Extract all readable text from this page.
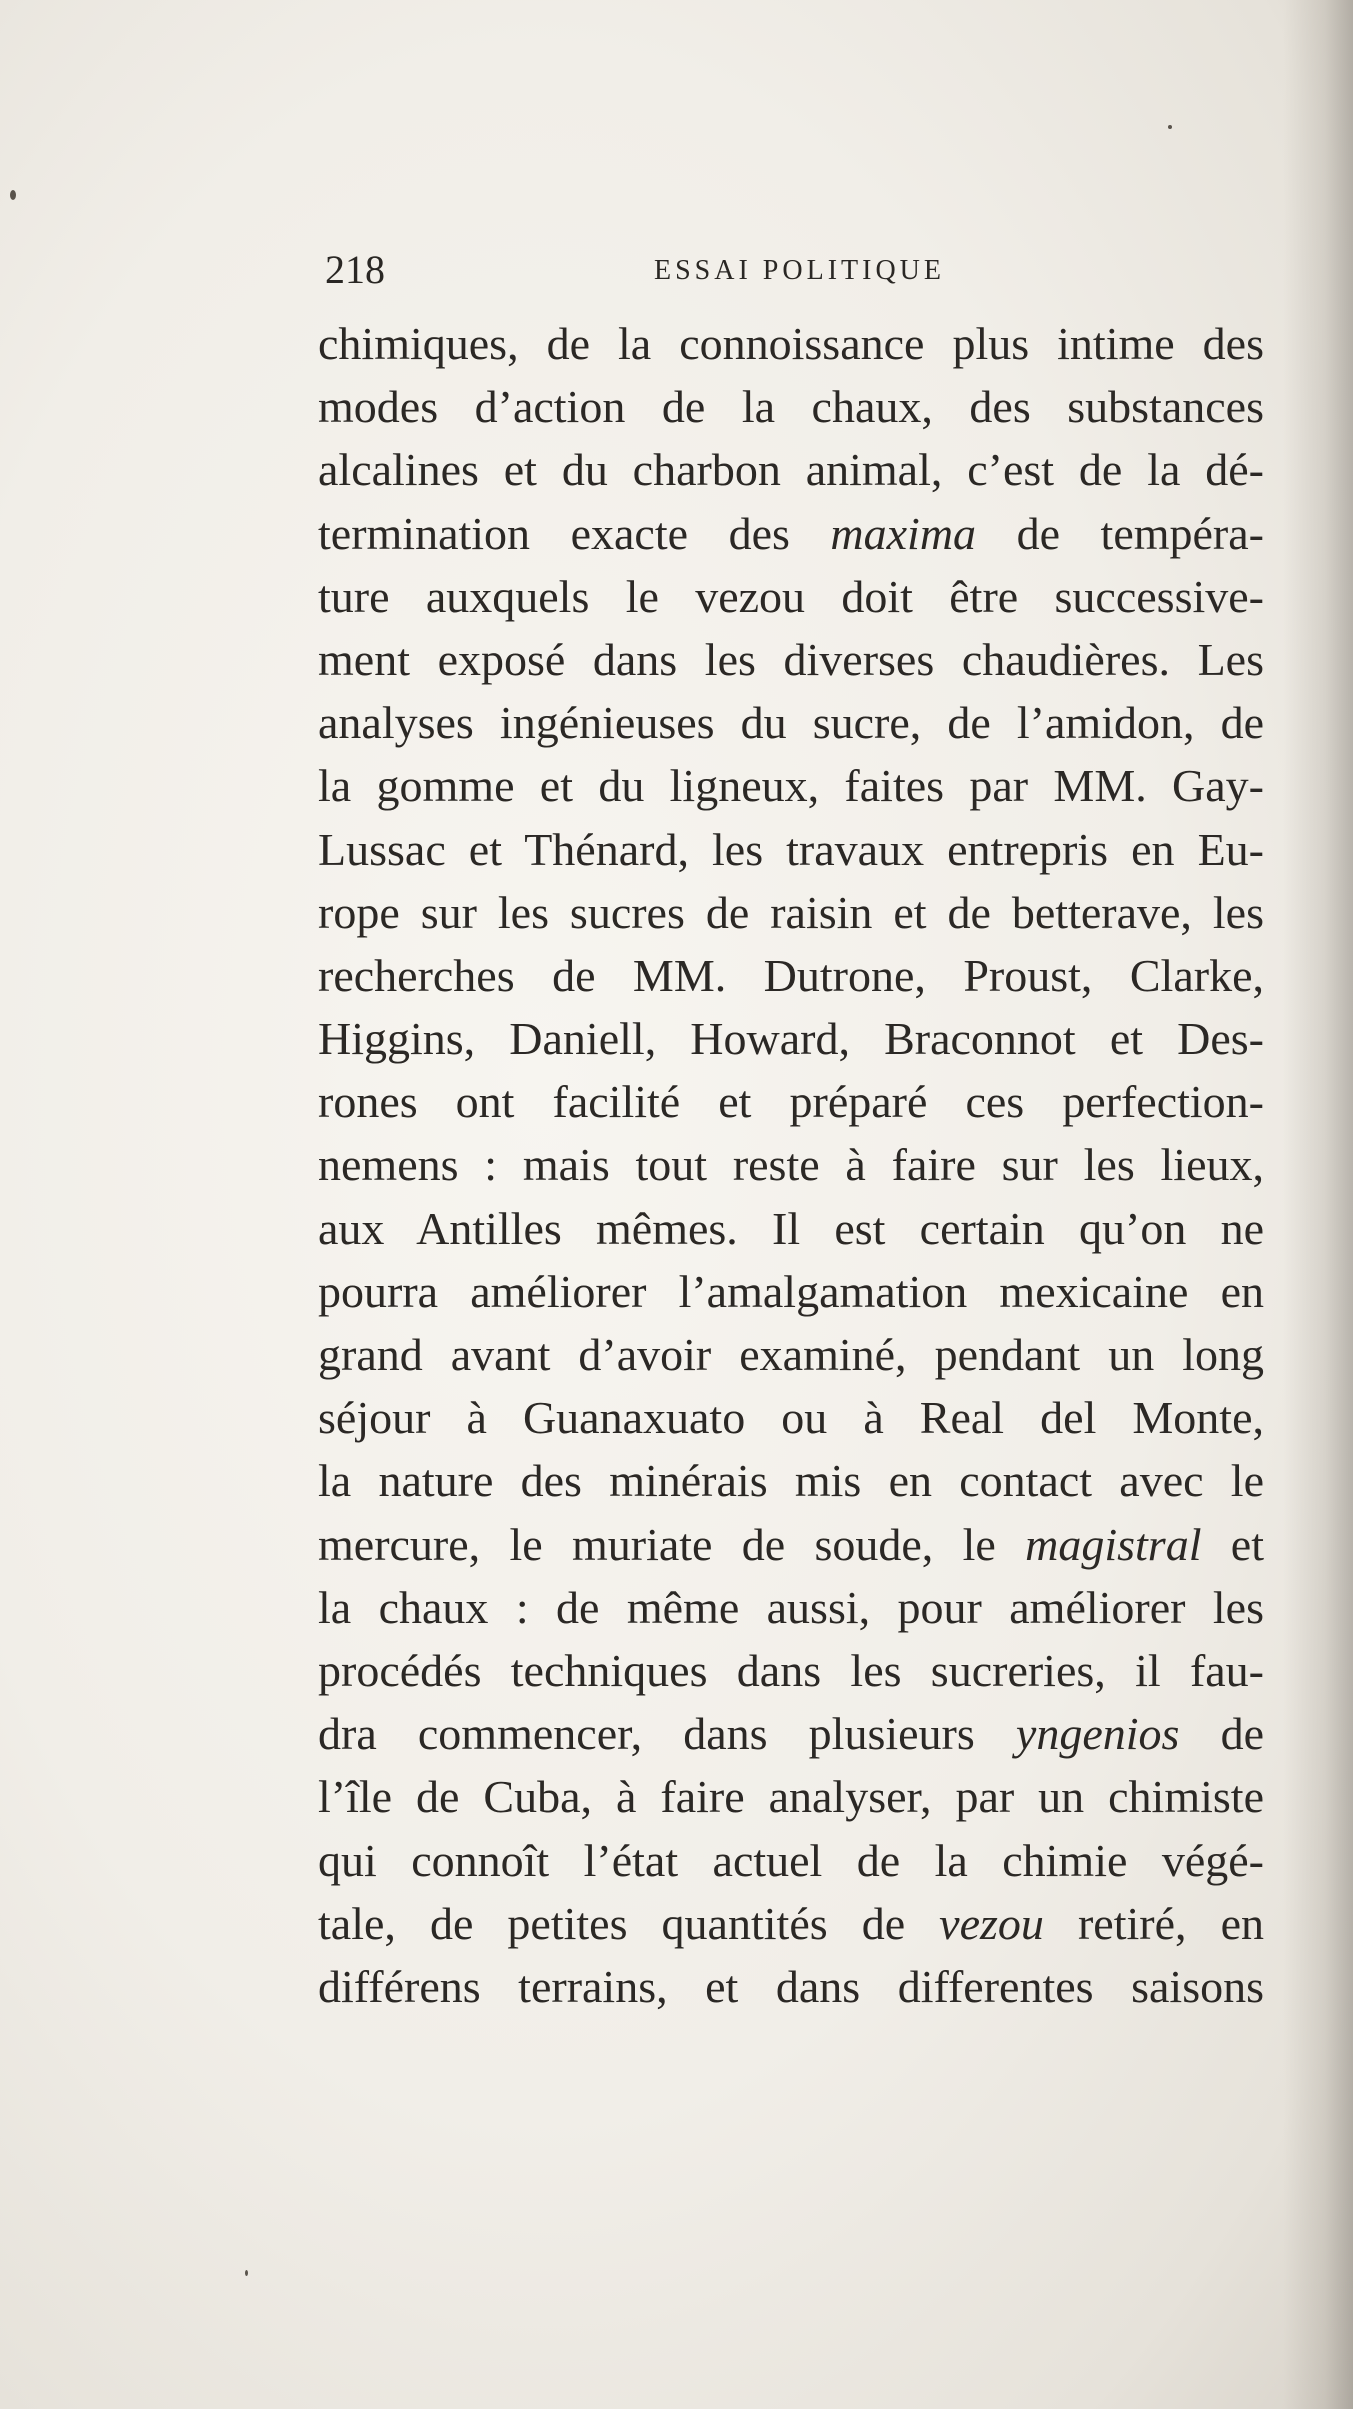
218	ESSAI POLITIQUE
chimiques, de la connoissance plus intime des
modes d’action de la chaux, des substances
alcalines et du charbon animal, c’est de la dé-
termination exacte des maxima de tempéra-
ture auxquels le vezou doit être successive-
ment exposé dans les diverses chaudières. Les
analyses ingénieuses du sucre, de l’amidon, de
la gomme et du ligneux, faites par MM. Gay-
Lussac et Thénard, les travaux entrepris en Eu-
rope sur les sucres de raisin et de betterave, les
recherches de MM. Dutrone, Proust, Clarke,
Higgins, Daniell, Howard, Braconnot et Des-
rones ont facilité et préparé ces perfection-
nemens : mais tout reste à faire sur les lieux,
aux Antilles mêmes. Il est certain qu’on ne
pourra améliorer l’amalgamation mexicaine en
grand avant d’avoir examiné, pendant un long
séjour à Guanaxuato ou à Real del Monte,
la nature des minérais mis en contact avec le
mercure, le muriate de soude, le magistral et
la chaux : de même aussi, pour améliorer les
procédés techniques dans les sucreries, il fau-
dra commencer, dans plusieurs yngenios de
l’île de Cuba, à faire analyser, par un chimiste
qui connoît l’état actuel de la chimie végé-
tale, de petites quantités de vezou retiré, en
différens terrains, et dans differentes saisons
